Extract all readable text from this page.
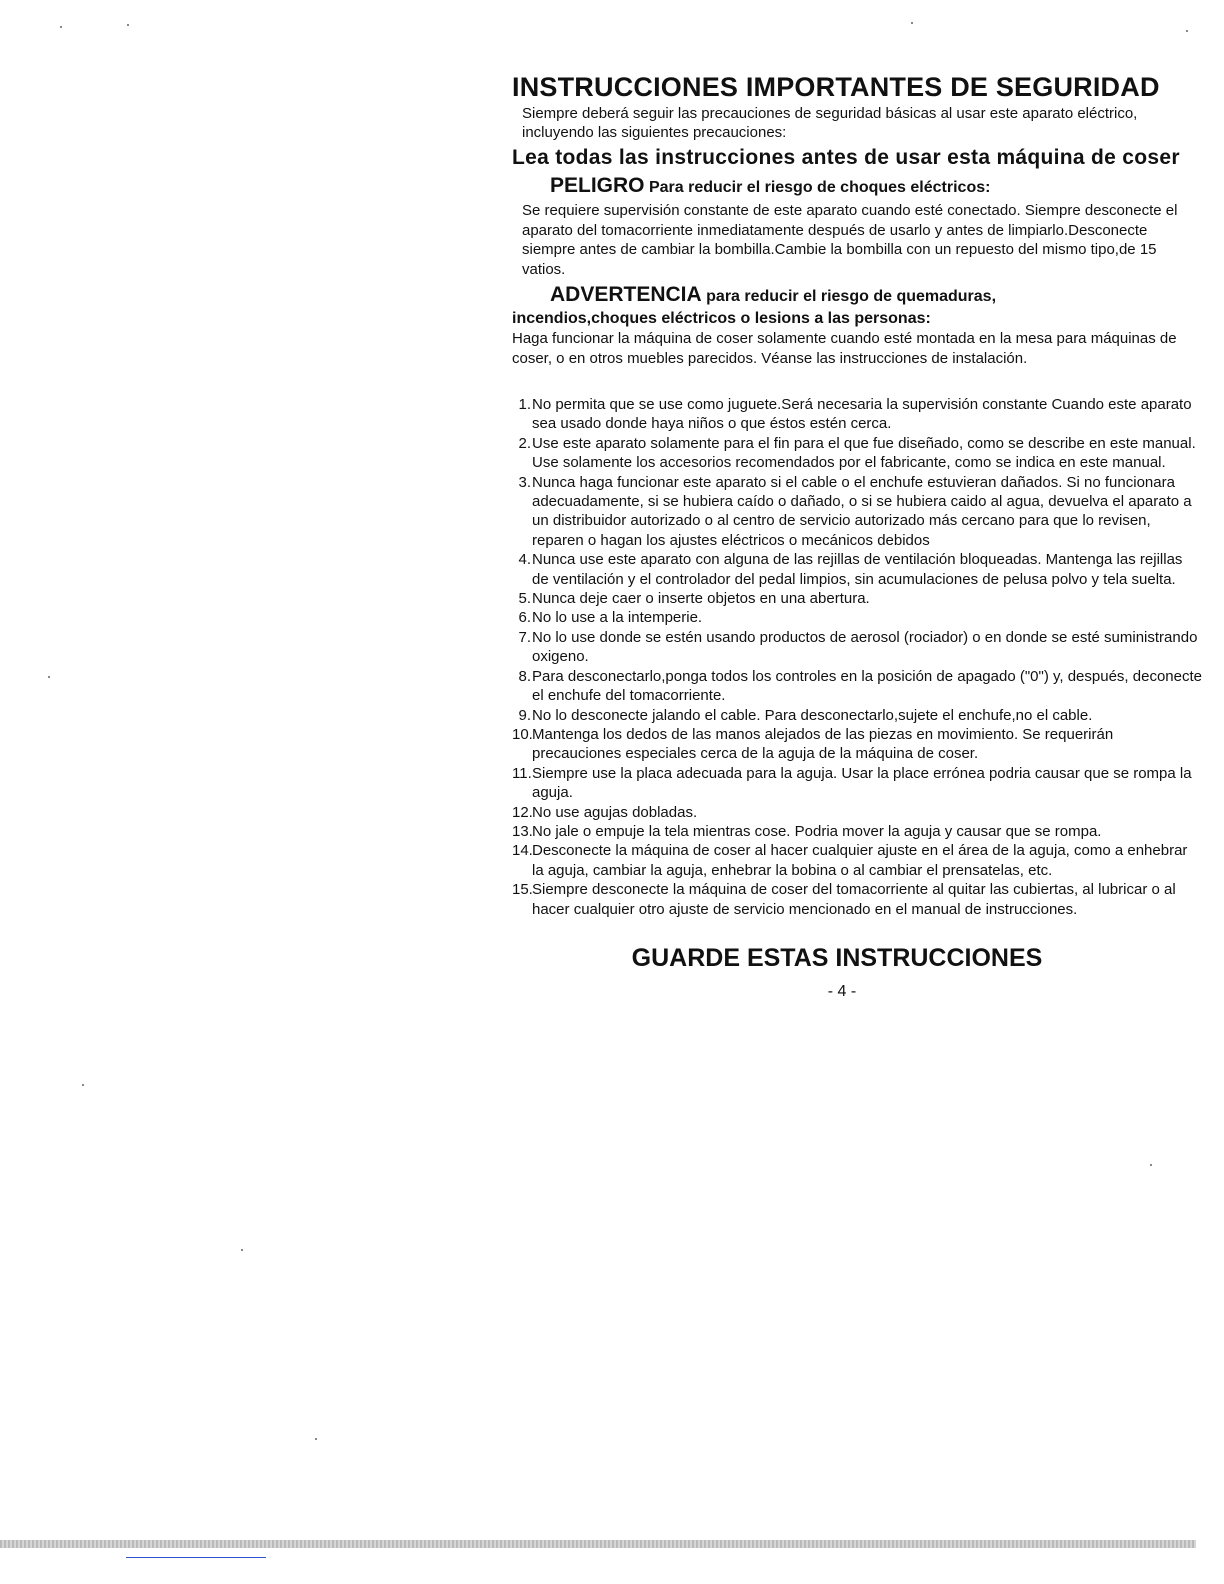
INSTRUCCIONES IMPORTANTES DE SEGURIDAD

Siempre deberá seguir las precauciones de seguridad básicas al usar este aparato eléctrico, incluyendo las siguientes precauciones:

Lea todas las instrucciones antes de usar esta máquina de coser
PELIGRO Para reducir el riesgo de choques eléctricos:

Se requiere supervisión constante de este aparato cuando esté conectado. Siempre desconecte el aparato del tomacorriente inmediatamente después de usarlo y antes de limpiarlo.Desconecte siempre antes de cambiar la bombilla.Cambie la bombilla con un repuesto del mismo tipo,de 15 vatios.

ADVERTENCIA para reducir el riesgo de quemaduras,

incendios,choques eléctricos o lesions a las personas:

Haga funcionar la máquina de coser solamente cuando esté montada en la mesa para máquinas de coser, o en otros muebles parecidos. Véanse las instrucciones de instalación.

1. No permita que se use como juguete.Será necesaria la supervisión constante Cuando este aparato sea usado donde haya niños o que éstos estén cerca.
2. Use este aparato solamente para el fin para el que fue diseñado, como se describe en este manual. Use solamente los accesorios recomendados por el fabricante, como se indica en este manual.
3. Nunca haga funcionar este aparato si el cable o el enchufe estuvieran dañados. Si no funcionara adecuadamente, si se hubiera caído o dañado, o si se hubiera caido al agua, devuelva el aparato a un distribuidor autorizado o al centro de servicio autorizado más cercano para que lo revisen, reparen o hagan los ajustes eléctricos o mecánicos debidos
4. Nunca use este aparato con alguna de las rejillas de ventilación bloqueadas. Mantenga las rejillas de ventilación y el controlador del pedal limpios, sin acumulaciones de pelusa polvo y tela suelta.
5. Nunca deje caer o inserte objetos en una abertura.
6. No lo use a la intemperie.
7. No lo use donde se estén usando productos de aerosol (rociador) o en donde se esté suministrando oxigeno.
8. Para desconectarlo,ponga todos los controles en la posición de apagado ("0") y, después, deconecte el enchufe del tomacorriente.
9. No lo desconecte jalando el cable. Para desconectarlo,sujete el enchufe,no el cable.
10. Mantenga los dedos de las manos alejados de las piezas en movimiento. Se requerirán precauciones especiales cerca de la aguja de la máquina de coser.
11. Siempre use la placa adecuada para la aguja. Usar la place errónea podria causar que se rompa la aguja.
12. No use agujas dobladas.
13. No jale o empuje la tela mientras cose. Podria mover la aguja y causar que se rompa.
14. Desconecte la máquina de coser al hacer cualquier ajuste en el área de la aguja, como a enhebrar la aguja, cambiar la aguja, enhebrar la bobina o al cambiar el prensatelas, etc.
15. Siempre desconecte la máquina de coser del tomacorriente al quitar las cubiertas, al lubricar o al hacer cualquier otro ajuste de servicio mencionado en el manual de instrucciones.
GUARDE ESTAS INSTRUCCIONES
- 4 -
